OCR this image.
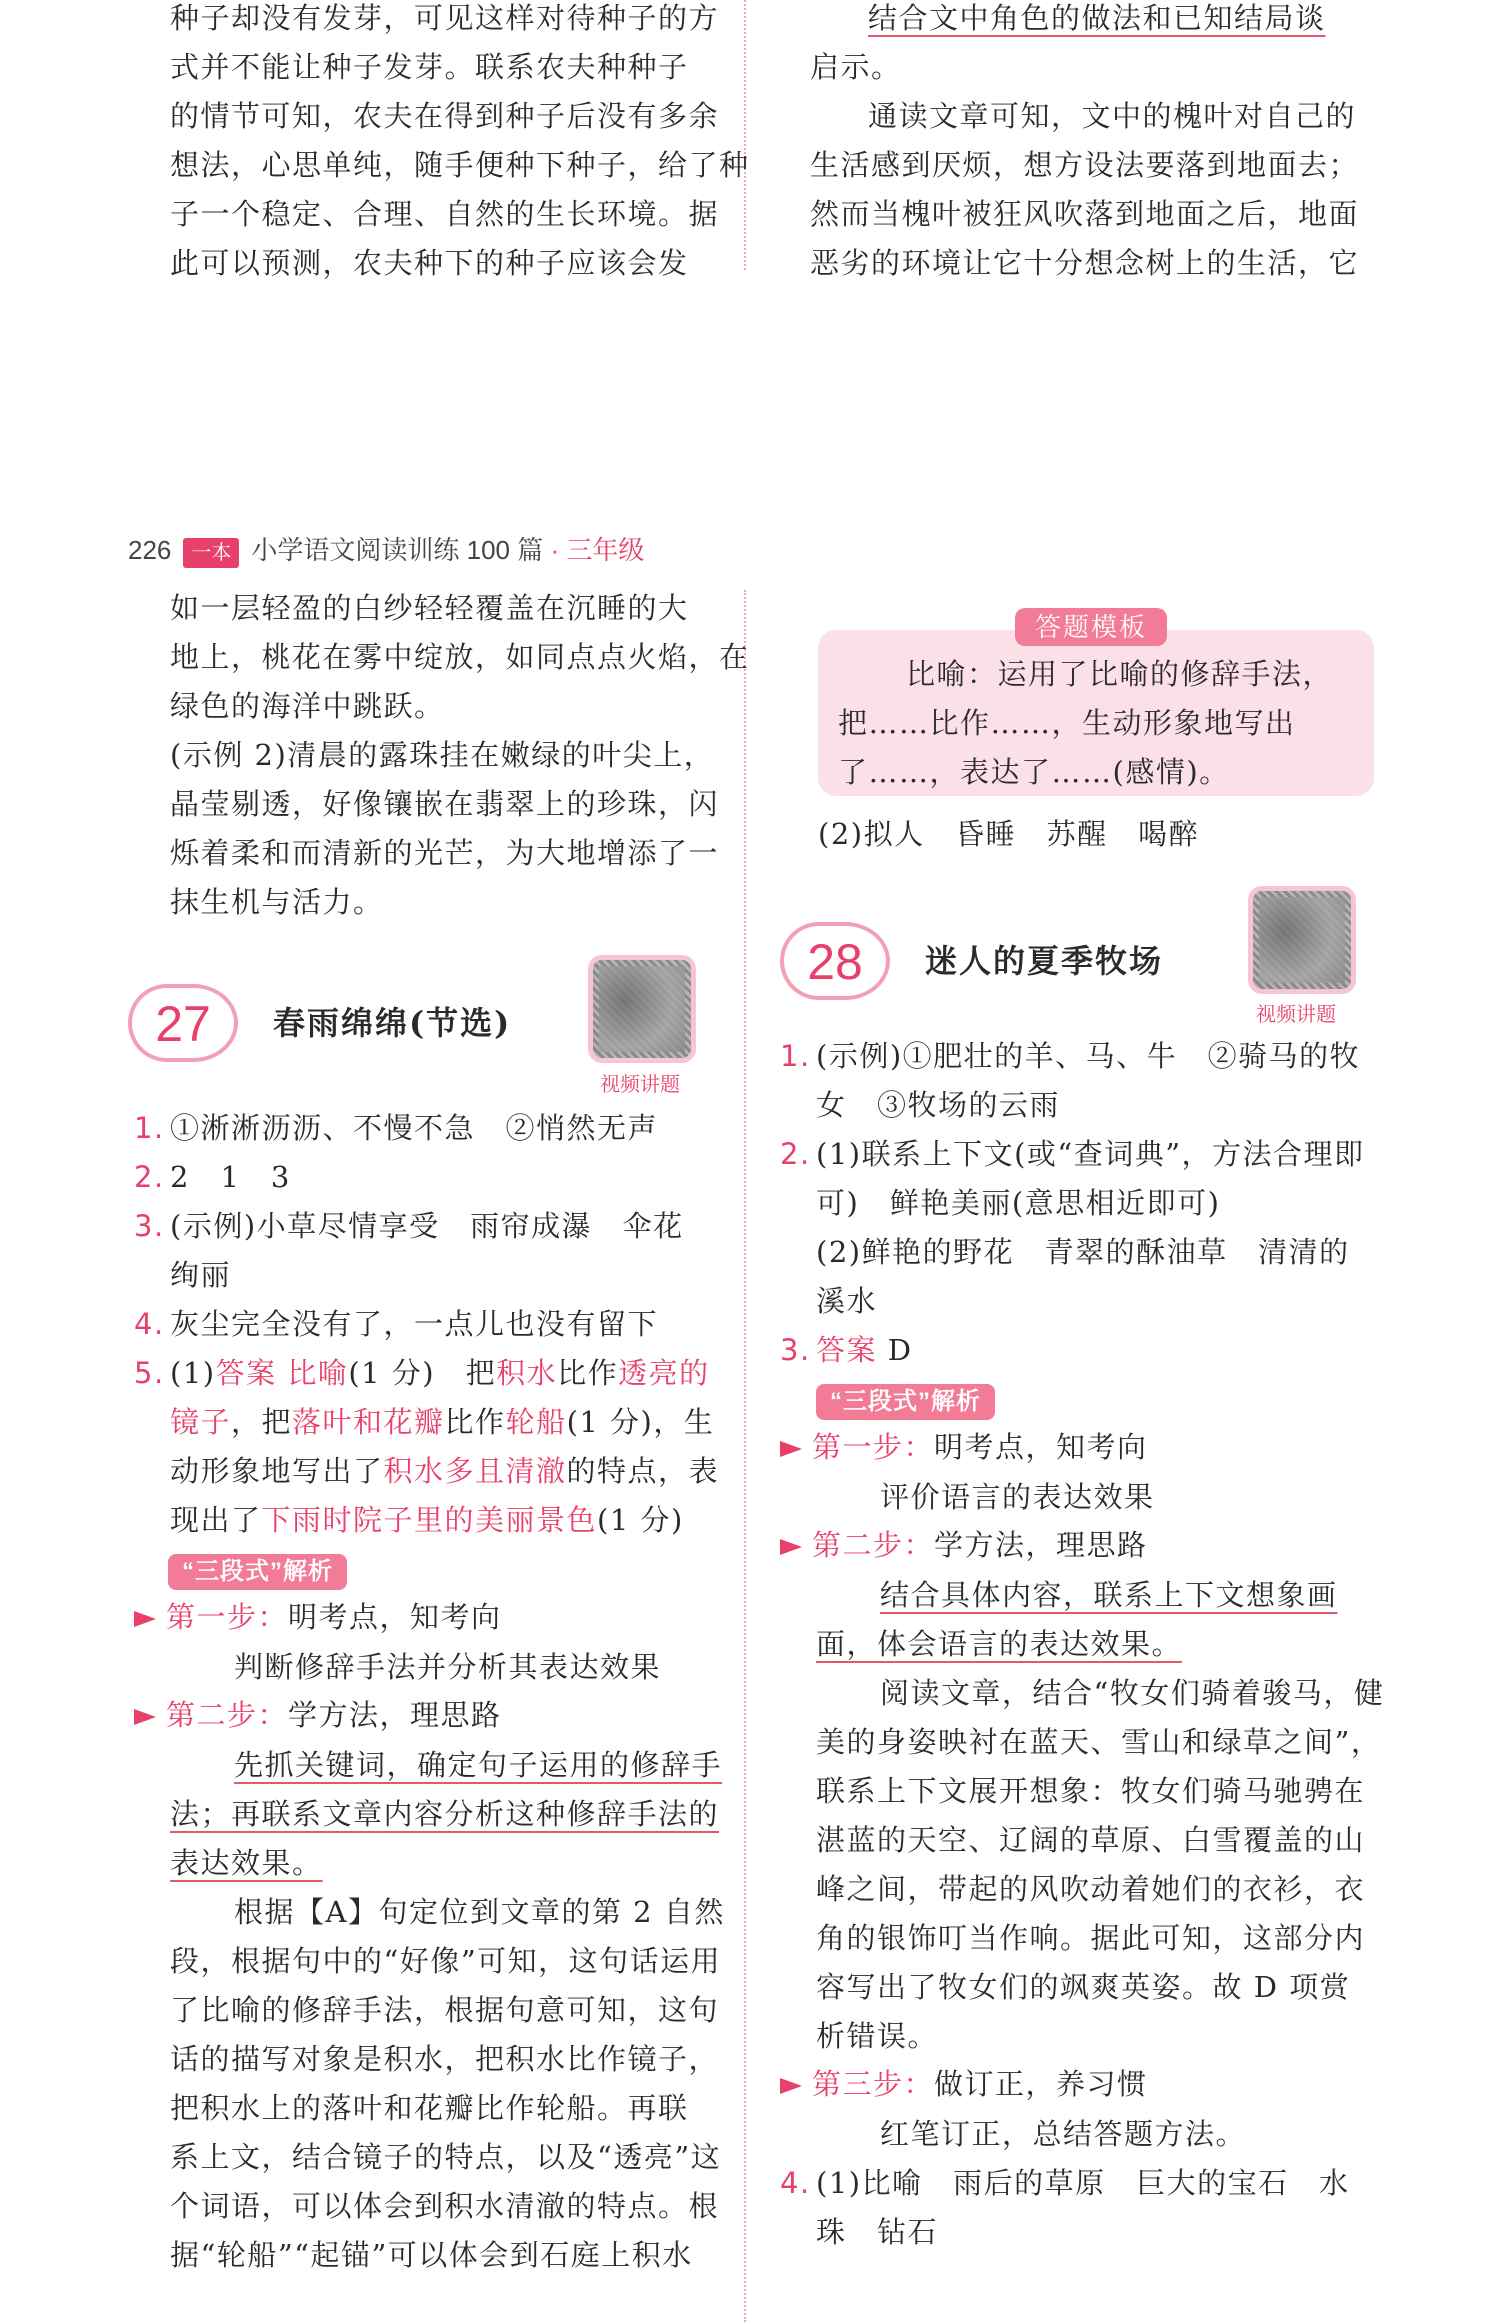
种子却没有发芽，可见这样对待种子的方
式并不能让种子发芽。联系农夫种种子
的情节可知，农夫在得到种子后没有多余
想法，心思单纯，随手便种下种子，给了种
子一个稳定、合理、自然的生长环境。据
此可以预测，农夫种下的种子应该会发
结合文中角色的做法和已知结局谈
启示。
通读文章可知，文中的槐叶对自己的
生活感到厌烦，想方设法要落到地面去；
然而当槐叶被狂风吹落到地面之后，地面
恶劣的环境让它十分想念树上的生活，它
226 一本 小学语文阅读训练 100 篇 · 三年级
如一层轻盈的白纱轻轻覆盖在沉睡的大
地上，桃花在雾中绽放，如同点点火焰，在
绿色的海洋中跳跃。
(示例 2)清晨的露珠挂在嫩绿的叶尖上，
晶莹剔透，好像镶嵌在翡翠上的珍珠，闪
烁着柔和而清新的光芒，为大地增添了一
抹生机与活力。
27	春雨绵绵(节选)
视频讲题
1. ①淅淅沥沥、不慢不急　②悄然无声
2. 2　1　3
3. (示例)小草尽情享受　雨帘成瀑　伞花
绚丽
4. 灰尘完全没有了，一点儿也没有留下
5. (1)答案 比喻(1 分)　把积水比作透亮的
镜子，把落叶和花瓣比作轮船(1 分)，生
动形象地写出了积水多且清澈的特点，表
现出了下雨时院子里的美丽景色(1 分)
“三段式”解析
第一步：明考点，知考向
判断修辞手法并分析其表达效果
第二步：学方法，理思路
先抓关键词，确定句子运用的修辞手
法；再联系文章内容分析这种修辞手法的
表达效果。
根据【A】句定位到文章的第 2 自然
段，根据句中的“好像”可知，这句话运用
了比喻的修辞手法，根据句意可知，这句
话的描写对象是积水，把积水比作镜子，
把积水上的落叶和花瓣比作轮船。再联
系上文，结合镜子的特点，以及“透亮”这
个词语，可以体会到积水清澈的特点。根
据“轮船”“起锚”可以体会到石庭上积水
比喻：运用了比喻的修辞手法，
把……比作……，生动形象地写出
了……，表达了……(感情)。
答题模板
(2)拟人　昏睡　苏醒　喝醉
28	迷人的夏季牧场
视频讲题
1. (示例)①肥壮的羊、马、牛　②骑马的牧
女　③牧场的云雨
2. (1)联系上下文(或“查词典”，方法合理即
可)　鲜艳美丽(意思相近即可)
(2)鲜艳的野花　青翠的酥油草　清清的
溪水
3. 答案 D
“三段式”解析
第一步：明考点，知考向
评价语言的表达效果
第二步：学方法，理思路
结合具体内容，联系上下文想象画
面，体会语言的表达效果。
阅读文章，结合“牧女们骑着骏马，健
美的身姿映衬在蓝天、雪山和绿草之间”，
联系上下文展开想象：牧女们骑马驰骋在
湛蓝的天空、辽阔的草原、白雪覆盖的山
峰之间，带起的风吹动着她们的衣衫，衣
角的银饰叮当作响。据此可知，这部分内
容写出了牧女们的飒爽英姿。故 D 项赏
析错误。
第三步：做订正，养习惯
红笔订正，总结答题方法。
4. (1)比喻　雨后的草原　巨大的宝石　水
珠　钻石
